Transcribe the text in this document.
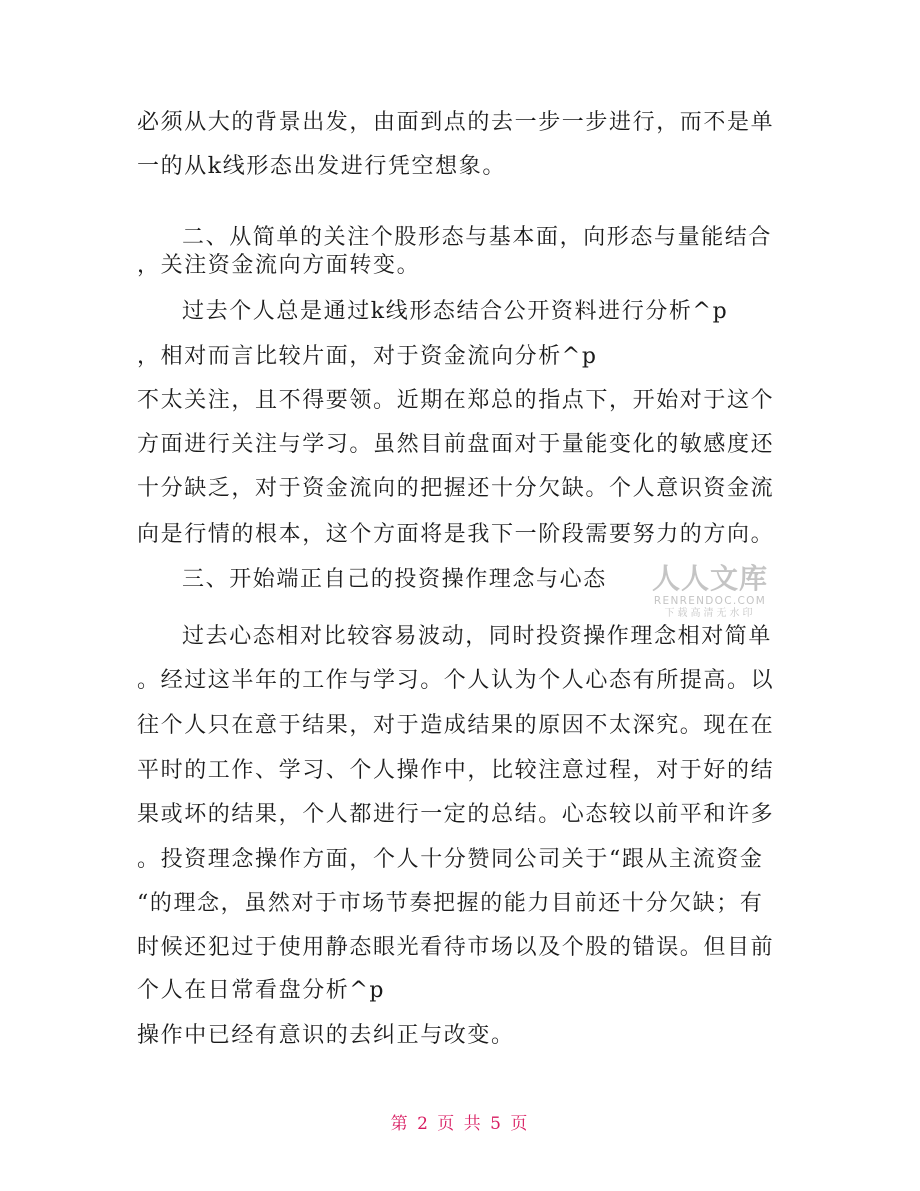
必须从大的背景出发，由面到点的去一步一步进行，而不是单
一的从k线形态出发进行凭空想象。
二、从简单的关注个股形态与基本面，向形态与量能结合
，关注资金流向方面转变。
过去个人总是通过k线形态结合公开资料进行分析^p
，相对而言比较片面，对于资金流向分析^p
不太关注，且不得要领。近期在郑总的指点下，开始对于这个
方面进行关注与学习。虽然目前盘面对于量能变化的敏感度还
十分缺乏，对于资金流向的把握还十分欠缺。个人意识资金流
向是行情的根本，这个方面将是我下一阶段需要努力的方向。
三、开始端正自己的投资操作理念与心态
过去心态相对比较容易波动，同时投资操作理念相对简单
。经过这半年的工作与学习。个人认为个人心态有所提高。以
往个人只在意于结果，对于造成结果的原因不太深究。现在在
平时的工作、学习、个人操作中，比较注意过程，对于好的结
果或坏的结果，个人都进行一定的总结。心态较以前平和许多
。投资理念操作方面，个人十分赞同公司关于“跟从主流资金
“的理念，虽然对于市场节奏把握的能力目前还十分欠缺；有
时候还犯过于使用静态眼光看待市场以及个股的错误。但目前
个人在日常看盘分析^p
操作中已经有意识的去纠正与改变。
人人文库
RENRENDOC.COM
下载高清无水印
第 2 页 共 5 页
